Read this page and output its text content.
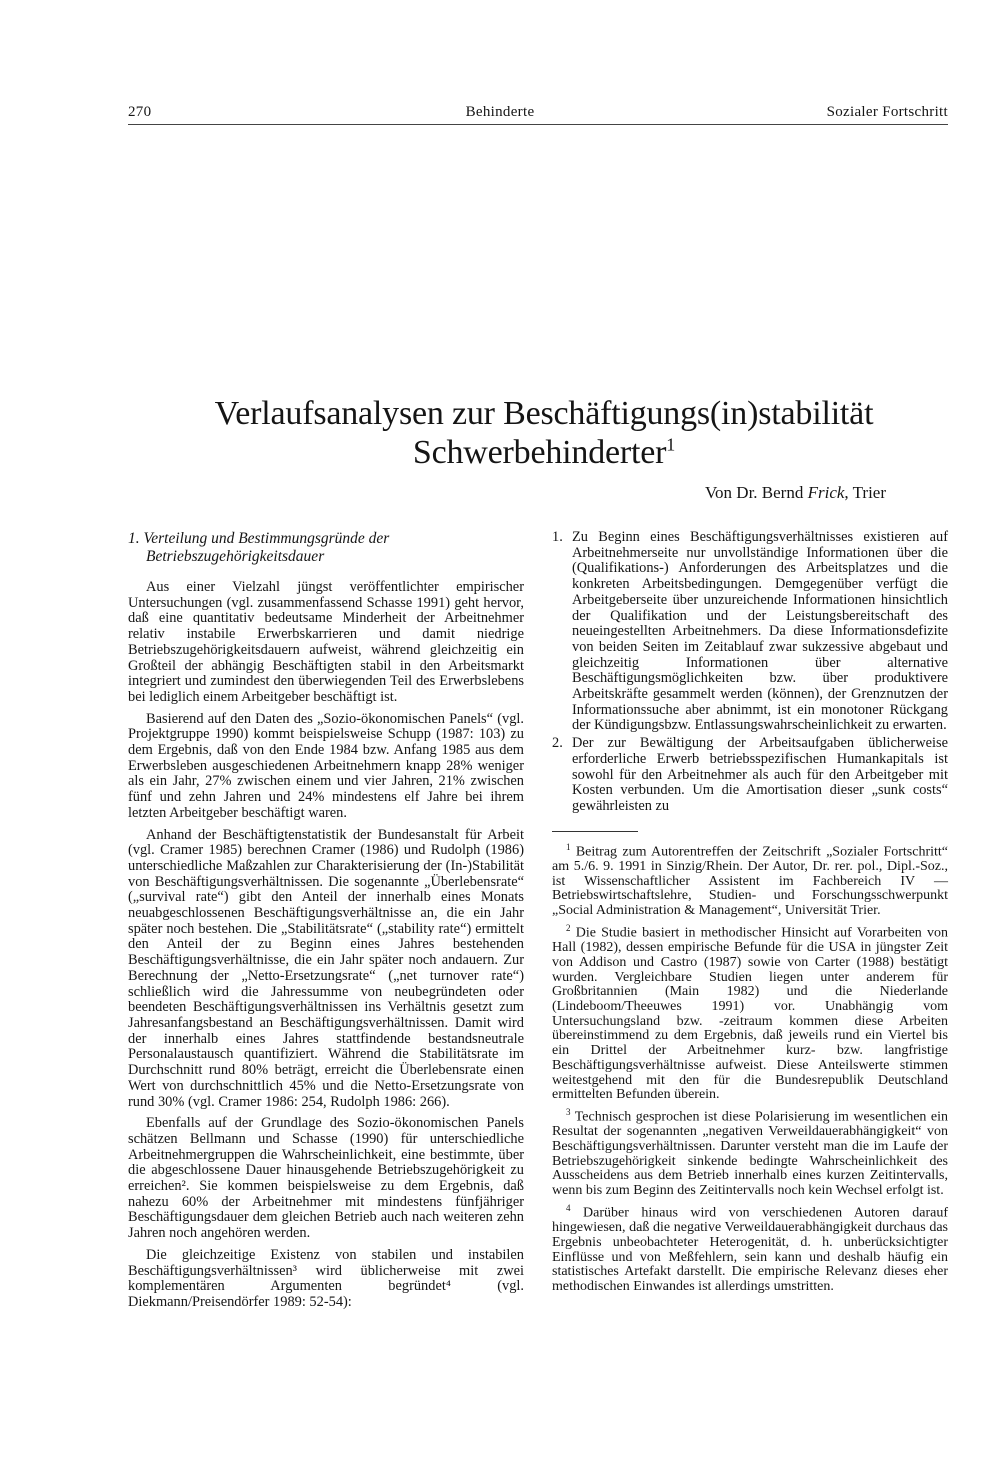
270	Behinderte	Sozialer Fortschritt
Verlaufsanalysen zur Beschäftigungs(in)stabilität
Schwerbehinderter$^1$
Von Dr. Bernd Frick, Trier

1. Verteilung und Bestimmungsgründe der Betriebszugehörigkeitsdauer

Aus einer Vielzahl jüngst veröffentlichter empirischer Untersuchungen (vgl. zusammenfassend Schasse 1991) geht hervor, daß eine quantitativ bedeutsame Minderheit der Arbeitnehmer relativ instabile Erwerbskarrieren und damit niedrige Betriebszugehörigkeitsdauern aufweist, während gleichzeitig ein Großteil der abhängig Beschäftigten stabil in den Arbeitsmarkt integriert und zumindest den überwiegenden Teil des Erwerbslebens bei lediglich einem Arbeitgeber beschäftigt ist.

Basierend auf den Daten des „Sozio-ökonomischen Panels“ (vgl. Projektgruppe 1990) kommt beispielsweise Schupp (1987: 103) zu dem Ergebnis, daß von den Ende 1984 bzw. Anfang 1985 aus dem Erwerbsleben ausgeschiedenen Arbeitnehmern knapp 28% weniger als ein Jahr, 27% zwischen einem und vier Jahren, 21% zwischen fünf und zehn Jahren und 24% mindestens elf Jahre bei ihrem letzten Arbeitgeber beschäftigt waren.

Anhand der Beschäftigtenstatistik der Bundesanstalt für Arbeit (vgl. Cramer 1985) berechnen Cramer (1986) und Rudolph (1986) unterschiedliche Maßzahlen zur Charakterisierung der (In-)Stabilität von Beschäftigungsverhältnissen. Die sogenannte „Überlebensrate“ („survival rate“) gibt den Anteil der innerhalb eines Monats neuabgeschlossenen Beschäftigungsverhältnisse an, die ein Jahr später noch bestehen. Die „Stabilitätsrate“ („stability rate“) ermittelt den Anteil der zu Beginn eines Jahres bestehenden Beschäftigungsverhältnisse, die ein Jahr später noch andauern. Zur Berechnung der „Netto-Ersetzungsrate“ („net turnover rate“) schließlich wird die Jahressumme von neubegründeten oder beendeten Beschäftigungsverhältnissen ins Verhältnis gesetzt zum Jahresanfangsbestand an Beschäftigungsverhältnissen. Damit wird der innerhalb eines Jahres stattfindende bestandsneutrale Personalaustausch quantifiziert. Während die Stabilitätsrate im Durchschnitt rund 80% beträgt, erreicht die Überlebensrate einen Wert von durchschnittlich 45% und die Netto-Ersetzungsrate von rund 30% (vgl. Cramer 1986: 254, Rudolph 1986: 266).

Ebenfalls auf der Grundlage des Sozio-ökonomischen Panels schätzen Bellmann und Schasse (1990) für unterschiedliche Arbeitnehmergruppen die Wahrscheinlichkeit, eine bestimmte, über die abgeschlossene Dauer hinausgehende Betriebszugehörigkeit zu erreichen². Sie kommen beispielsweise zu dem Ergebnis, daß nahezu 60% der Arbeitnehmer mit mindestens fünfjähriger Beschäftigungsdauer dem gleichen Betrieb auch nach weiteren zehn Jahren noch angehören werden.

Die gleichzeitige Existenz von stabilen und instabilen Beschäftigungsverhältnissen³ wird üblicherweise mit zwei komplementären Argumenten begründet⁴ (vgl. Diekmann/Preisendörfer 1989: 52-54):

1. Zu Beginn eines Beschäftigungsverhältnisses existieren auf Arbeitnehmerseite nur unvollständige Informationen über die (Qualifikations-) Anforderungen des Arbeitsplatzes und die konkreten Arbeitsbedingungen. Demgegenüber verfügt die Arbeitgeberseite über unzureichende Informationen hinsichtlich der Qualifikation und der Leistungsbereitschaft des neueingestellten Arbeitnehmers. Da diese Informationsdefizite von beiden Seiten im Zeitablauf zwar sukzessive abgebaut und gleichzeitig Informationen über alternative Beschäftigungsmöglichkeiten bzw. über produktivere Arbeitskräfte gesammelt werden (können), der Grenznutzen der Informationssuche aber abnimmt, ist ein monotoner Rückgang der Kündigungsbzw. Entlassungswahrscheinlichkeit zu erwarten.

2. Der zur Bewältigung der Arbeitsaufgaben üblicherweise erforderliche Erwerb betriebsspezifischen Humankapitals ist sowohl für den Arbeitnehmer als auch für den Arbeitgeber mit Kosten verbunden. Um die Amortisation dieser „sunk costs“ gewährleisten zu

$^1$ Beitrag zum Autorentreffen der Zeitschrift „Sozialer Fortschritt“ am 5./6. 9. 1991 in Sinzig/Rhein. Der Autor, Dr. rer. pol., Dipl.-Soz., ist Wissenschaftlicher Assistent im Fachbereich IV — Betriebswirtschaftslehre, Studien- und Forschungsschwerpunkt „Social Administration & Management“, Universität Trier.

$^2$ Die Studie basiert in methodischer Hinsicht auf Vorarbeiten von Hall (1982), dessen empirische Befunde für die USA in jüngster Zeit von Addison und Castro (1987) sowie von Carter (1988) bestätigt wurden. Vergleichbare Studien liegen unter anderem für Großbritannien (Main 1982) und die Niederlande (Lindeboom/Theeuwes 1991) vor. Unabhängig vom Untersuchungsland bzw. -zeitraum kommen diese Arbeiten übereinstimmend zu dem Ergebnis, daß jeweils rund ein Viertel bis ein Drittel der Arbeitnehmer kurz- bzw. langfristige Beschäftigungsverhältnisse aufweist. Diese Anteilswerte stimmen weitestgehend mit den für die Bundesrepublik Deutschland ermittelten Befunden überein.

$^3$ Technisch gesprochen ist diese Polarisierung im wesentlichen ein Resultat der sogenannten „negativen Verweildauerabhängigkeit“ von Beschäftigungsverhältnissen. Darunter versteht man die im Laufe der Betriebszugehörigkeit sinkende bedingte Wahrscheinlichkeit des Ausscheidens aus dem Betrieb innerhalb eines kurzen Zeitintervalls, wenn bis zum Beginn des Zeitintervalls noch kein Wechsel erfolgt ist.

$^4$ Darüber hinaus wird von verschiedenen Autoren darauf hingewiesen, daß die negative Verweildauerabhängigkeit durchaus das Ergebnis unbeobachteter Heterogenität, d. h. unberücksichtigter Einflüsse und von Meßfehlern, sein kann und deshalb häufig ein statistisches Artefakt darstellt. Die empirische Relevanz dieses eher methodischen Einwandes ist allerdings umstritten.
